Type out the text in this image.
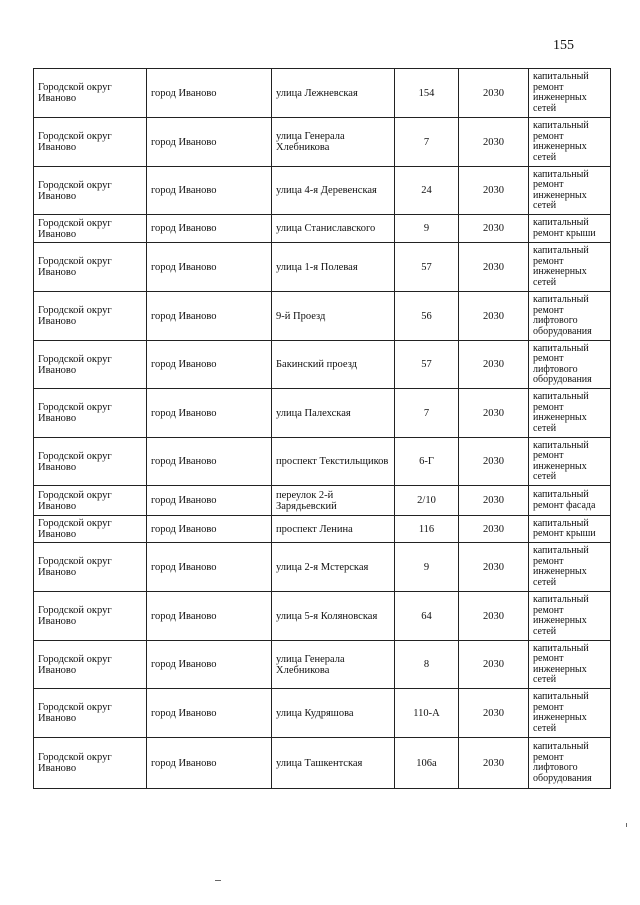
155
Городской округ Иваново	город Иваново	улица Лежневская	154	2030	капитальный ремонт инженерных сетей
Городской округ Иваново	город Иваново	улица Генерала Хлебникова	7	2030	капитальный ремонт инженерных сетей
Городской округ Иваново	город Иваново	улица 4-я Деревенская	24	2030	капитальный ремонт инженерных сетей
Городской округ Иваново	город Иваново	улица Станиславского	9	2030	капитальный ремонт крыши
Городской округ Иваново	город Иваново	улица 1-я Полевая	57	2030	капитальный ремонт инженерных сетей
Городской округ Иваново	город Иваново	9-й Проезд	56	2030	капитальный ремонт лифтового оборудования
Городской округ Иваново	город Иваново	Бакинский проезд	57	2030	капитальный ремонт лифтового оборудования
Городской округ Иваново	город Иваново	улица Палехская	7	2030	капитальный ремонт инженерных сетей
Городской округ Иваново	город Иваново	проспект Текстильщиков	6-Г	2030	капитальный ремонт инженерных сетей
Городской округ Иваново	город Иваново	переулок 2-й Зарядьевский	2/10	2030	капитальный ремонт фасада
Городской округ Иваново	город Иваново	проспект Ленина	116	2030	капитальный ремонт крыши
Городской округ Иваново	город Иваново	улица 2-я Мстерская	9	2030	капитальный ремонт инженерных сетей
Городской округ Иваново	город Иваново	улица 5-я Коляновская	64	2030	капитальный ремонт инженерных сетей
Городской округ Иваново	город Иваново	улица Генерала Хлебникова	8	2030	капитальный ремонт инженерных сетей
Городской округ Иваново	город Иваново	улица Кудряшова	110-А	2030	капитальный ремонт инженерных сетей
Городской округ Иваново	город Иваново	улица Ташкентская	106а	2030	капитальный ремонт лифтового оборудования
